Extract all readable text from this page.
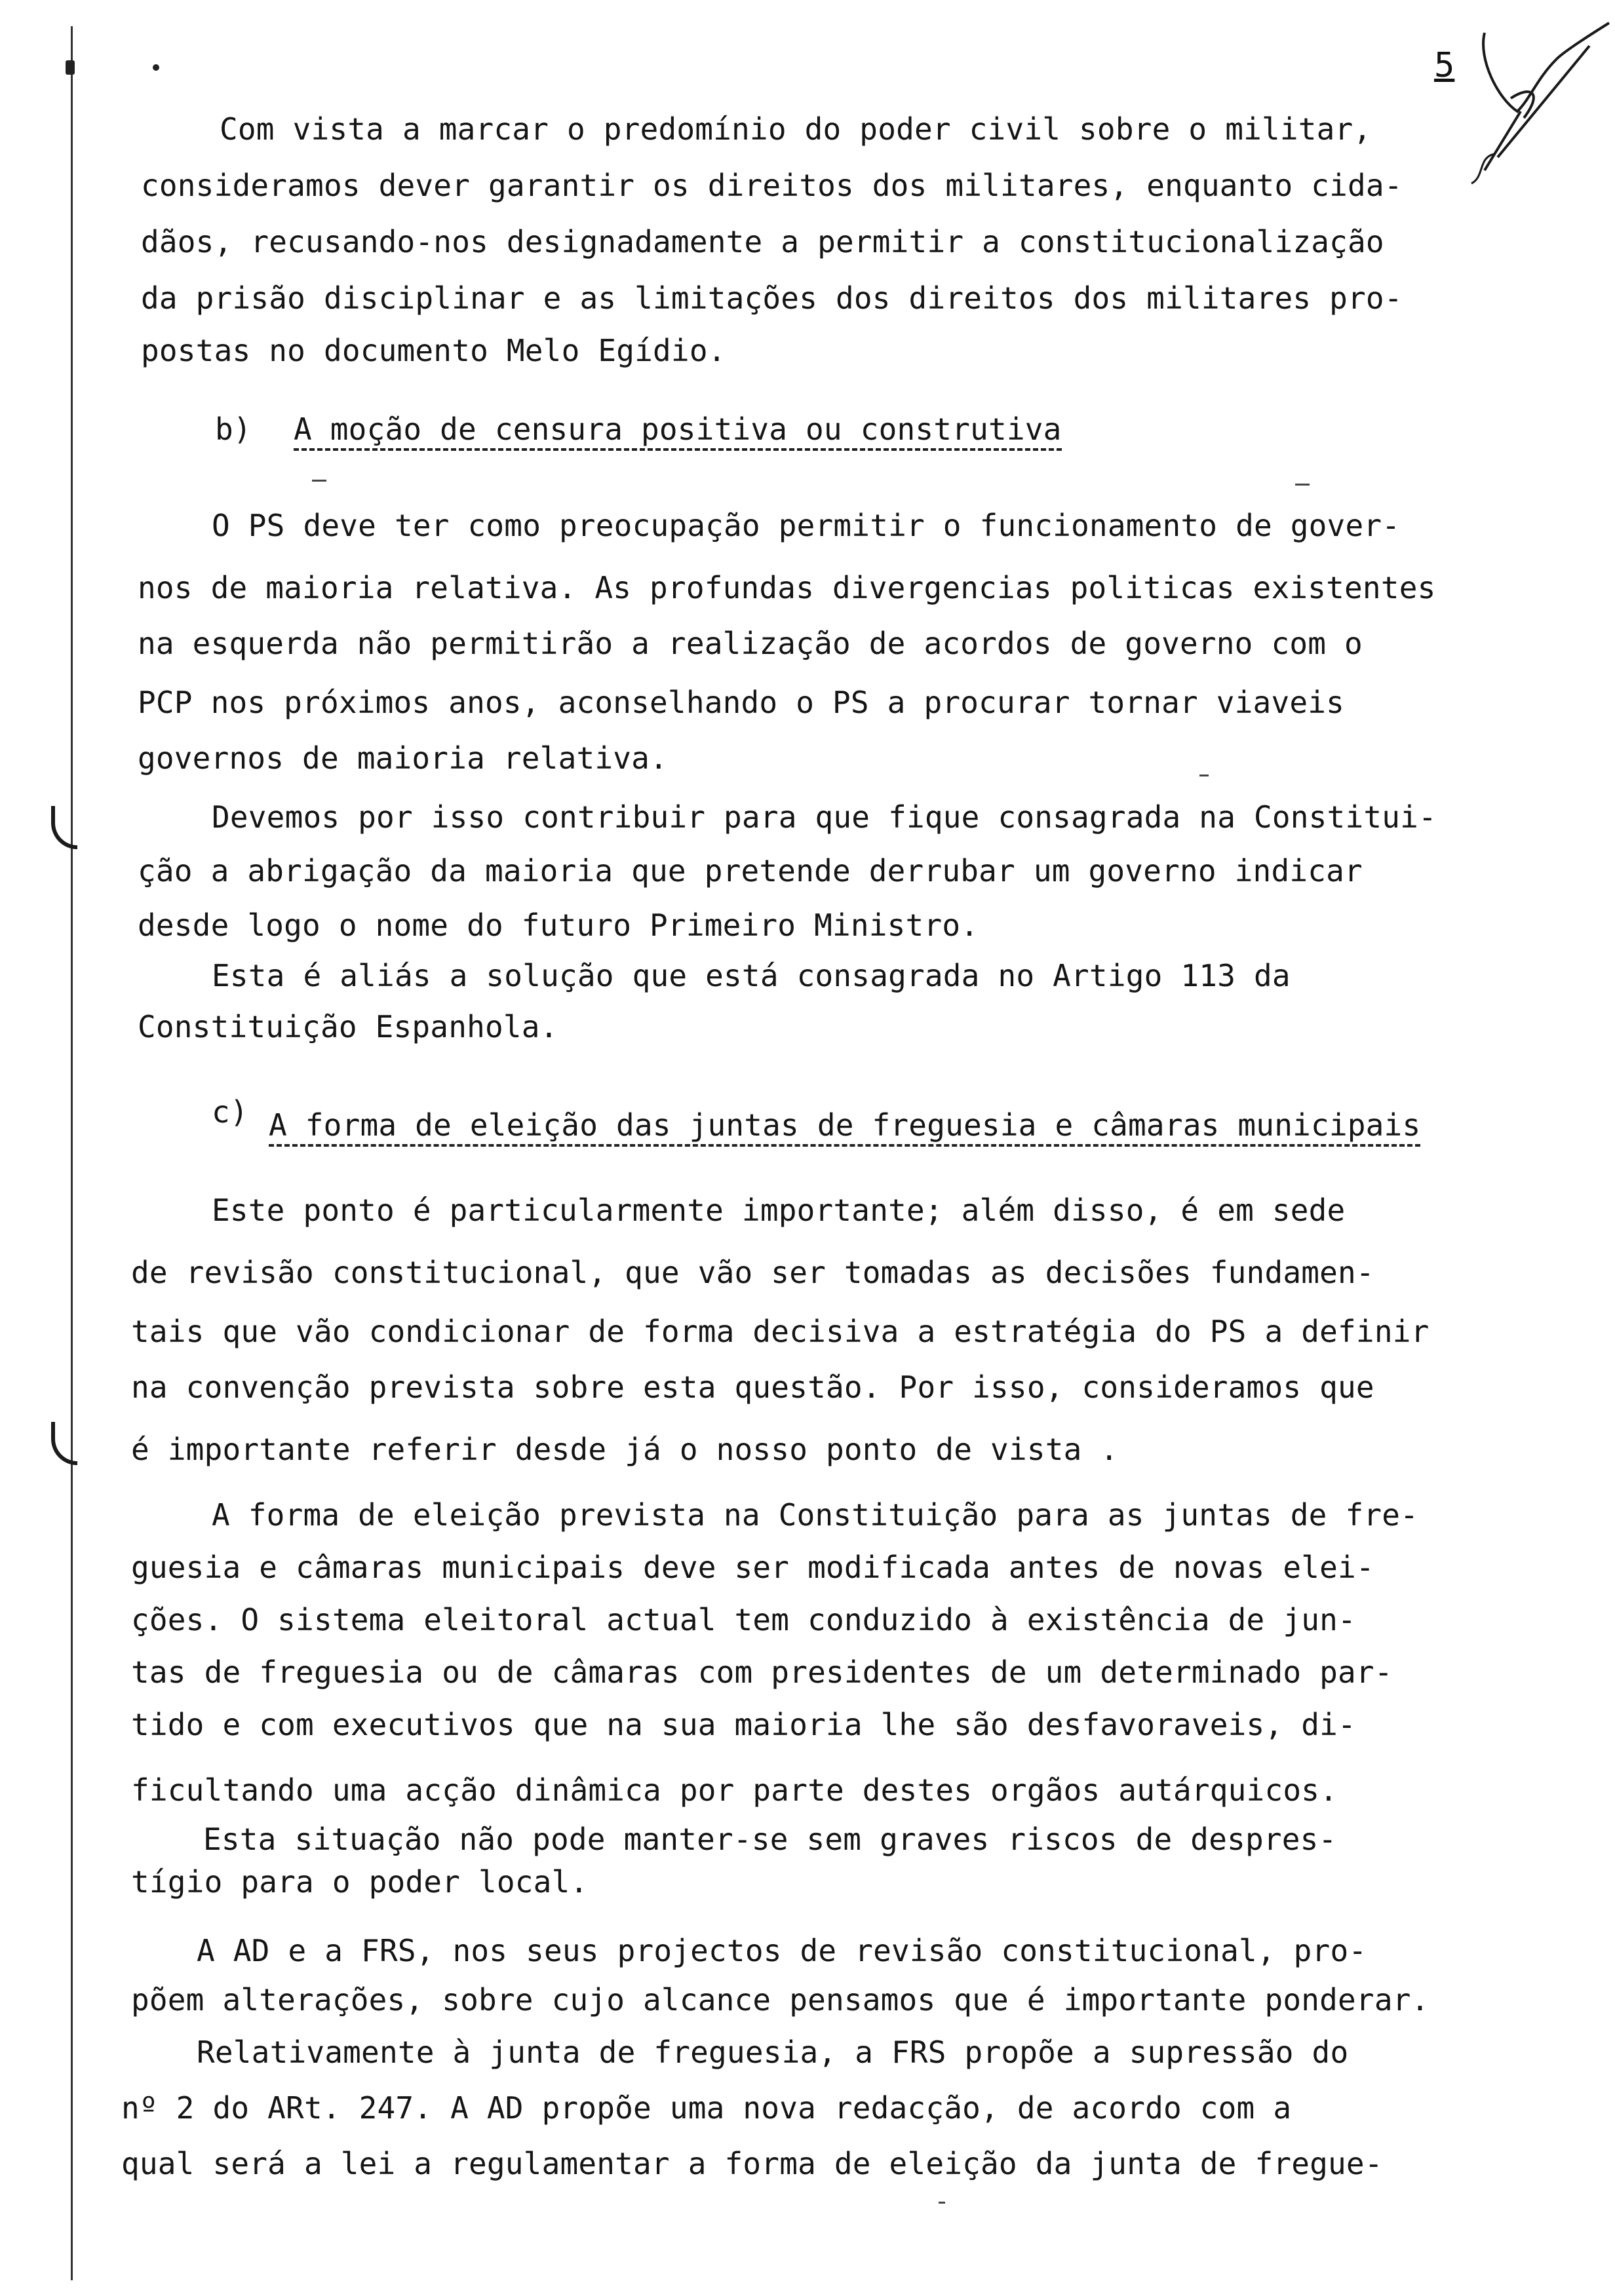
5
Com vista a marcar o predomínio do poder civil sobre o militar,
consideramos dever garantir os direitos dos militares, enquanto cida-
dãos, recusando-nos designadamente a permitir a constitucionalização
da prisão disciplinar e as limitações dos direitos dos militares pro-
postas no documento Melo Egídio.
b) A moção de censura positiva ou construtiva
O PS deve ter como preocupação permitir o funcionamento de gover-
nos de maioria relativa. As profundas divergencias politicas existentes
na esquerda não permitirão a realização de acordos de governo com o
PCP nos próximos anos, aconselhando o PS a procurar tornar viaveis
governos de maioria relativa.
Devemos por isso contribuir para que fique consagrada na Constitui-
ção a abrigação da maioria que pretende derrubar um governo indicar
desde logo o nome do futuro Primeiro Ministro.
Esta é aliás a solução que está consagrada no Artigo 113 da
Constituição Espanhola.
c) A forma de eleição das juntas de freguesia e câmaras municipais
Este ponto é particularmente importante; além disso, é em sede
de revisão constitucional, que vão ser tomadas as decisões fundamen-
tais que vão condicionar de forma decisiva a estratégia do PS a definir
na convenção prevista sobre esta questão. Por isso, consideramos que
é importante referir desde já o nosso ponto de vista .
A forma de eleição prevista na Constituição para as juntas de fre-
guesia e câmaras municipais deve ser modificada antes de novas elei-
ções. O sistema eleitoral actual tem conduzido à existência de jun-
tas de freguesia ou de câmaras com presidentes de um determinado par-
tido e com executivos que na sua maioria lhe são desfavoraveis, di-
ficultando uma acção dinâmica por parte destes orgãos autárquicos.
Esta situação não pode manter-se sem graves riscos de despres-
tígio para o poder local.
A AD e a FRS, nos seus projectos de revisão constitucional, pro-
põem alterações, sobre cujo alcance pensamos que é importante ponderar.
Relativamente à junta de freguesia, a FRS propõe a supressão do
nº 2 do ARt. 247. A AD propõe uma nova redacção, de acordo com a
qual será a lei a regulamentar a forma de eleição da junta de fregue-
